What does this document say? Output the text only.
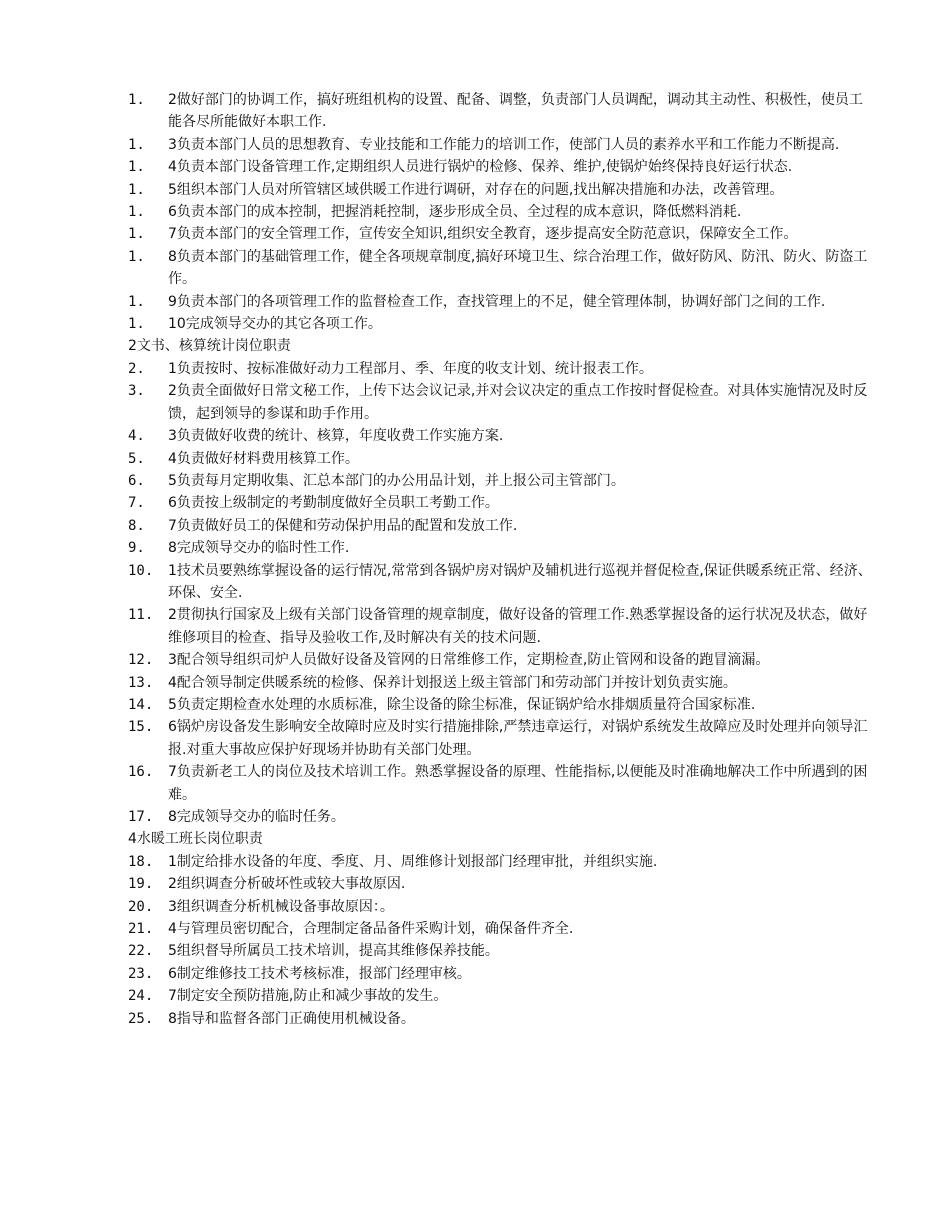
1.	2做好部门的协调工作，搞好班组机构的设置、配备、调整，负责部门人员调配，调动其主动性、积极性，使员工能各尽所能做好本职工作.
1.	3负责本部门人员的思想教育、专业技能和工作能力的培训工作，使部门人员的素养水平和工作能力不断提高.
1.	4负责本部门设备管理工作,定期组织人员进行锅炉的检修、保养、维护,使锅炉始终保持良好运行状态.
1.	5组织本部门人员对所管辖区域供暖工作进行调研，对存在的问题,找出解决措施和办法，改善管理。
1.	6负责本部门的成本控制，把握消耗控制，逐步形成全员、全过程的成本意识，降低燃料消耗.
1.	7负责本部门的安全管理工作，宣传安全知识,组织安全教育，逐步提高安全防范意识，保障安全工作。
1.	8负责本部门的基础管理工作，健全各项规章制度,搞好环境卫生、综合治理工作，做好防风、防汛、防火、防盗工作。
1.	9负责本部门的各项管理工作的监督检查工作，查找管理上的不足，健全管理体制，协调好部门之间的工作.
1.	10完成领导交办的其它各项工作。
2文书、核算统计岗位职责
2.	1负责按时、按标准做好动力工程部月、季、年度的收支计划、统计报表工作。
3.	2负责全面做好日常文秘工作，上传下达会议记录,并对会议决定的重点工作按时督促检查。对具体实施情况及时反馈，起到领导的参谋和助手作用。
4.	3负责做好收费的统计、核算，年度收费工作实施方案.
5.	4负责做好材料费用核算工作。
6.	5负责每月定期收集、汇总本部门的办公用品计划，并上报公司主管部门。
7.	6负责按上级制定的考勤制度做好全员职工考勤工作。
8.	7负责做好员工的保健和劳动保护用品的配置和发放工作.
9.	8完成领导交办的临时性工作.
10.	1技术员要熟练掌握设备的运行情况,常常到各锅炉房对锅炉及辅机进行巡视并督促检查,保证供暖系统正常、经济、环保、安全.
11.	2贯彻执行国家及上级有关部门设备管理的规章制度，做好设备的管理工作.熟悉掌握设备的运行状况及状态，做好维修项目的检查、指导及验收工作,及时解决有关的技术问题.
12.	3配合领导组织司炉人员做好设备及管网的日常维修工作，定期检查,防止管网和设备的跑冒滴漏。
13.	4配合领导制定供暖系统的检修、保养计划报送上级主管部门和劳动部门并按计划负责实施。
14.	5负责定期检查水处理的水质标准，除尘设备的除尘标准，保证锅炉给水排烟质量符合国家标准.
15.	6锅炉房设备发生影响安全故障时应及时实行措施排除,严禁违章运行，对锅炉系统发生故障应及时处理并向领导汇报.对重大事故应保护好现场并协助有关部门处理。
16.	7负责新老工人的岗位及技术培训工作。熟悉掌握设备的原理、性能指标,以便能及时准确地解决工作中所遇到的困难。
17.	8完成领导交办的临时任务。
4水暖工班长岗位职责
18.	1制定给排水设备的年度、季度、月、周维修计划报部门经理审批，并组织实施.
19.	2组织调查分析破坏性或较大事故原因.
20.	3组织调查分析机械设备事故原因：。
21.	4与管理员密切配合，合理制定备品备件采购计划，确保备件齐全.
22.	5组织督导所属员工技术培训，提高其维修保养技能。
23.	6制定维修技工技术考核标准，报部门经理审核。
24.	7制定安全预防措施,防止和减少事故的发生。
25.	8指导和监督各部门正确使用机械设备。
